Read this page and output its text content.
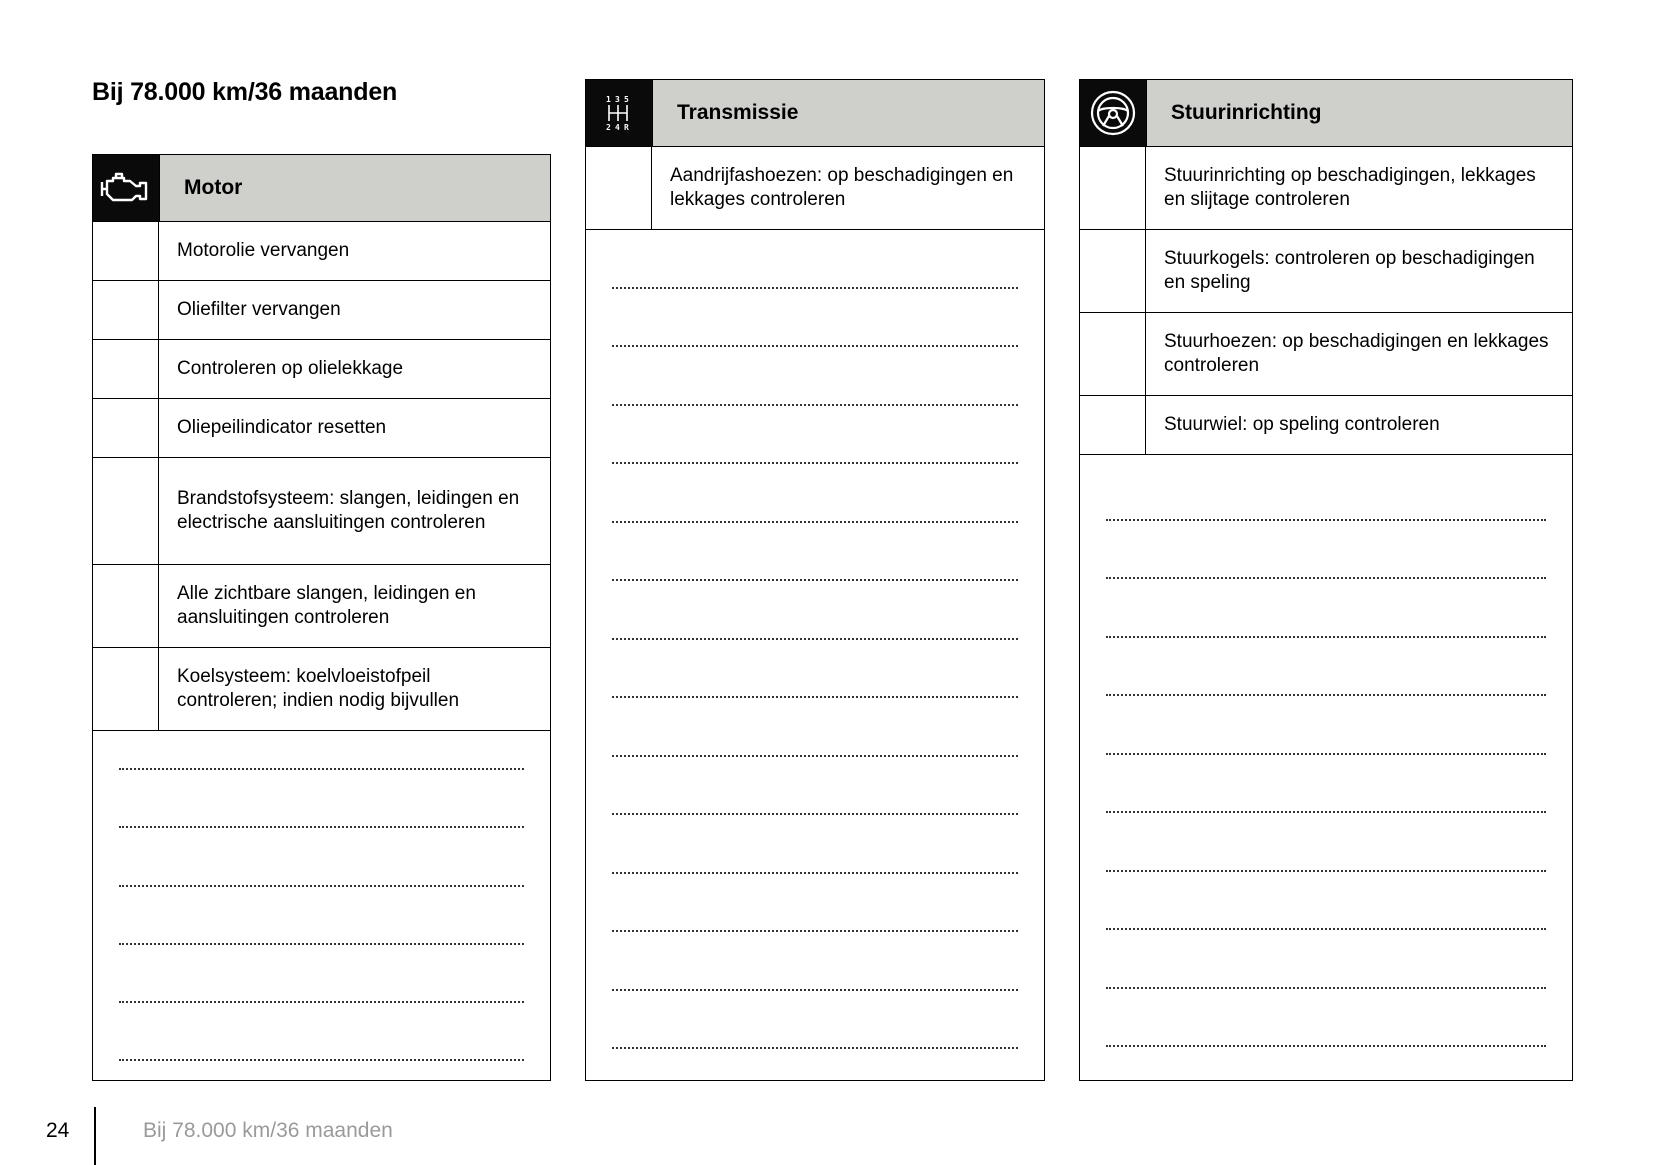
Bij 78.000 km/36 maanden
Motor
Motorolie vervangen
Oliefilter vervangen
Controleren op olielekkage
Oliepeilindicator resetten
Brandstofsysteem: slangen, leidingen en electrische aansluitingen controleren
Alle zichtbare slangen, leidingen en aansluitingen controleren
Koelsysteem: koelvloeistofpeil controleren; indien nodig bijvullen
1 3 5
2 4 R
Transmissie
Aandrijfashoezen: op beschadigingen en lekkages controleren
Stuurinrichting
Stuurinrichting op beschadigingen, lekkages en slijtage controleren
Stuurkogels: controleren op beschadigingen en speling
Stuurhoezen: op beschadigingen en lekkages controleren
Stuurwiel: op speling controleren
24	Bij 78.000 km/36 maanden
